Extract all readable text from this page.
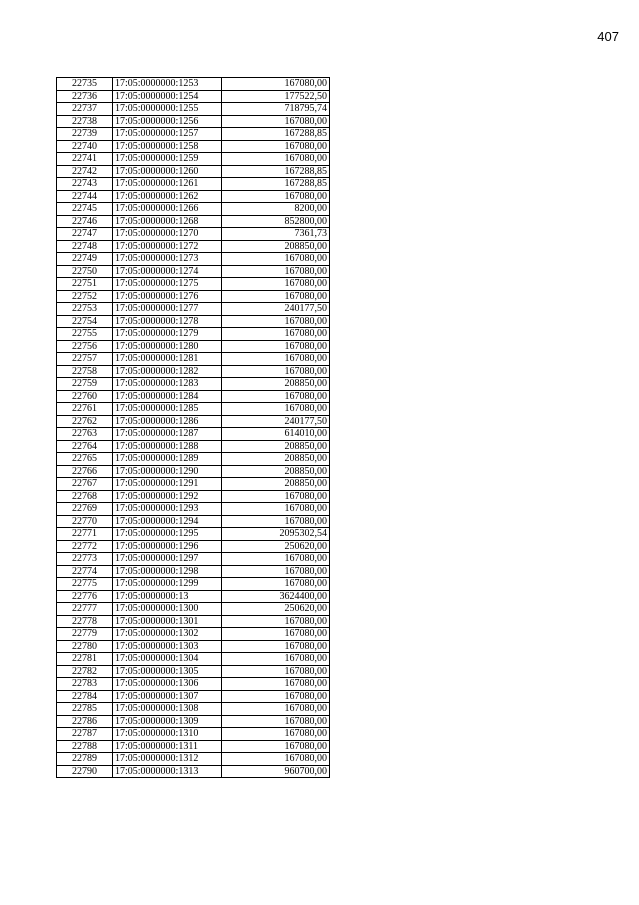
407
22735	17:05:0000000:1253	167080,00
22736	17:05:0000000:1254	177522,50
22737	17:05:0000000:1255	718795,74
22738	17:05:0000000:1256	167080,00
22739	17:05:0000000:1257	167288,85
22740	17:05:0000000:1258	167080,00
22741	17:05:0000000:1259	167080,00
22742	17:05:0000000:1260	167288,85
22743	17:05:0000000:1261	167288,85
22744	17:05:0000000:1262	167080,00
22745	17:05:0000000:1266	8200,00
22746	17:05:0000000:1268	852800,00
22747	17:05:0000000:1270	7361,73
22748	17:05:0000000:1272	208850,00
22749	17:05:0000000:1273	167080,00
22750	17:05:0000000:1274	167080,00
22751	17:05:0000000:1275	167080,00
22752	17:05:0000000:1276	167080,00
22753	17:05:0000000:1277	240177,50
22754	17:05:0000000:1278	167080,00
22755	17:05:0000000:1279	167080,00
22756	17:05:0000000:1280	167080,00
22757	17:05:0000000:1281	167080,00
22758	17:05:0000000:1282	167080,00
22759	17:05:0000000:1283	208850,00
22760	17:05:0000000:1284	167080,00
22761	17:05:0000000:1285	167080,00
22762	17:05:0000000:1286	240177,50
22763	17:05:0000000:1287	614010,00
22764	17:05:0000000:1288	208850,00
22765	17:05:0000000:1289	208850,00
22766	17:05:0000000:1290	208850,00
22767	17:05:0000000:1291	208850,00
22768	17:05:0000000:1292	167080,00
22769	17:05:0000000:1293	167080,00
22770	17:05:0000000:1294	167080,00
22771	17:05:0000000:1295	2095302,54
22772	17:05:0000000:1296	250620,00
22773	17:05:0000000:1297	167080,00
22774	17:05:0000000:1298	167080,00
22775	17:05:0000000:1299	167080,00
22776	17:05:0000000:13	3624400,00
22777	17:05:0000000:1300	250620,00
22778	17:05:0000000:1301	167080,00
22779	17:05:0000000:1302	167080,00
22780	17:05:0000000:1303	167080,00
22781	17:05:0000000:1304	167080,00
22782	17:05:0000000:1305	167080,00
22783	17:05:0000000:1306	167080,00
22784	17:05:0000000:1307	167080,00
22785	17:05:0000000:1308	167080,00
22786	17:05:0000000:1309	167080,00
22787	17:05:0000000:1310	167080,00
22788	17:05:0000000:1311	167080,00
22789	17:05:0000000:1312	167080,00
22790	17:05:0000000:1313	960700,00
